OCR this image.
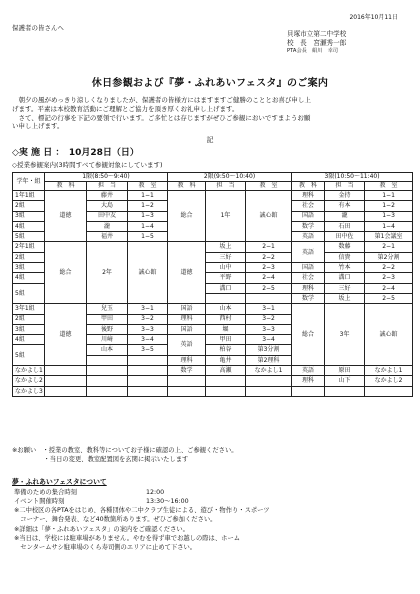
2016年10月11日
保護者の皆さんへ
貝塚市立第二中学校
校　長　宮瀬秀一郎
PTA会長　絹川　幸司
休日参観および『夢・ふれあいフェスタ』のご案内
　朝夕の風がめっきり涼しくなりましたが、保護者の皆様方にはますますご健勝のこととお喜び申し上
げます。平素は本校教育活動にご理解とご協力を頂き厚くお礼申し上げます。
　さて、標記の行事を下記の要領で行います。ご多忙とは存じますがぜひご参観においですまようお願
い申し上げます。
記
◇実 施 日 ：　10月28日（日）
◇授業参観案内(3時間すべて参観対象にしています)
学年・組	1限(8:50〜9:40)			2限(9:50〜10:40)			3限(10:50〜11:40)		
	教　科	担　当	教　室	教　科	担　当	教　室	教　科	担　当	教　室
1年1組	道徳	藤井	1−1	総合	1年	誠心館	理科	金持	1−1
2組		大島	1−2				社会	有本	1−2
3組		田中友	1−3				国語	瀧	1−3
4組		瀧	1−4				数学	石田	1−4
5組		福井	1−5				英語	田中佐	第1会議室
2年1組	総合	2年	誠心館	道徳	坂上	2−1	英語	数藤	2−1
2組					三好	2−2		信貴	第2分割
3組					山中	2−3	国語	竹本	2−2
4組					平野	2−4	社会	溝口	2−3
5組					溝口	2−5	理科	三好	2−4
							数学	坂上	2−5
3年1組	道徳	兒玉	3−1	国語	山本	3−1	総合	3年	誠心館
2組		甲田	3−2	理科	西村	3−2			
3組		後野	3−3	国語	堀	3−3			
4組		川﨑	3−4	英語	甲田	3−4			
5組		山本	3−5		柏谷	第3分割			
				理科	亀井	第2理科			
なかよし1				数学	高瀬	なかよし1	英語	原田	なかよし1
なかよし2							理科	山下	なかよし2
なかよし3									
※お願い　・授業の教室、教科等についてお子様に確認の上、ご参観ください。
　　　　　・当日の変更、教室配置図を玄関に掲示いたします
夢・ふれあいフェスタについて
準備のための集合時刻	12:00
イベント開催時刻	13:30〜16:00
※二中校区の各PTAをはじめ、各種団体や二中クラブ生徒による、遊び・物作り・スポーツ
　コーナー、舞台発表、など40数箇所あります。ぜひご参加ください。
※詳細は「夢・ふれあいフェスタ」の案内をご確認ください。
※当日は、学校には駐車場がありません。やむを得ず車でお越しの際は、ホーム
　センタームサシ駐車場のくら寿司側のエリアに止めて下さい。
